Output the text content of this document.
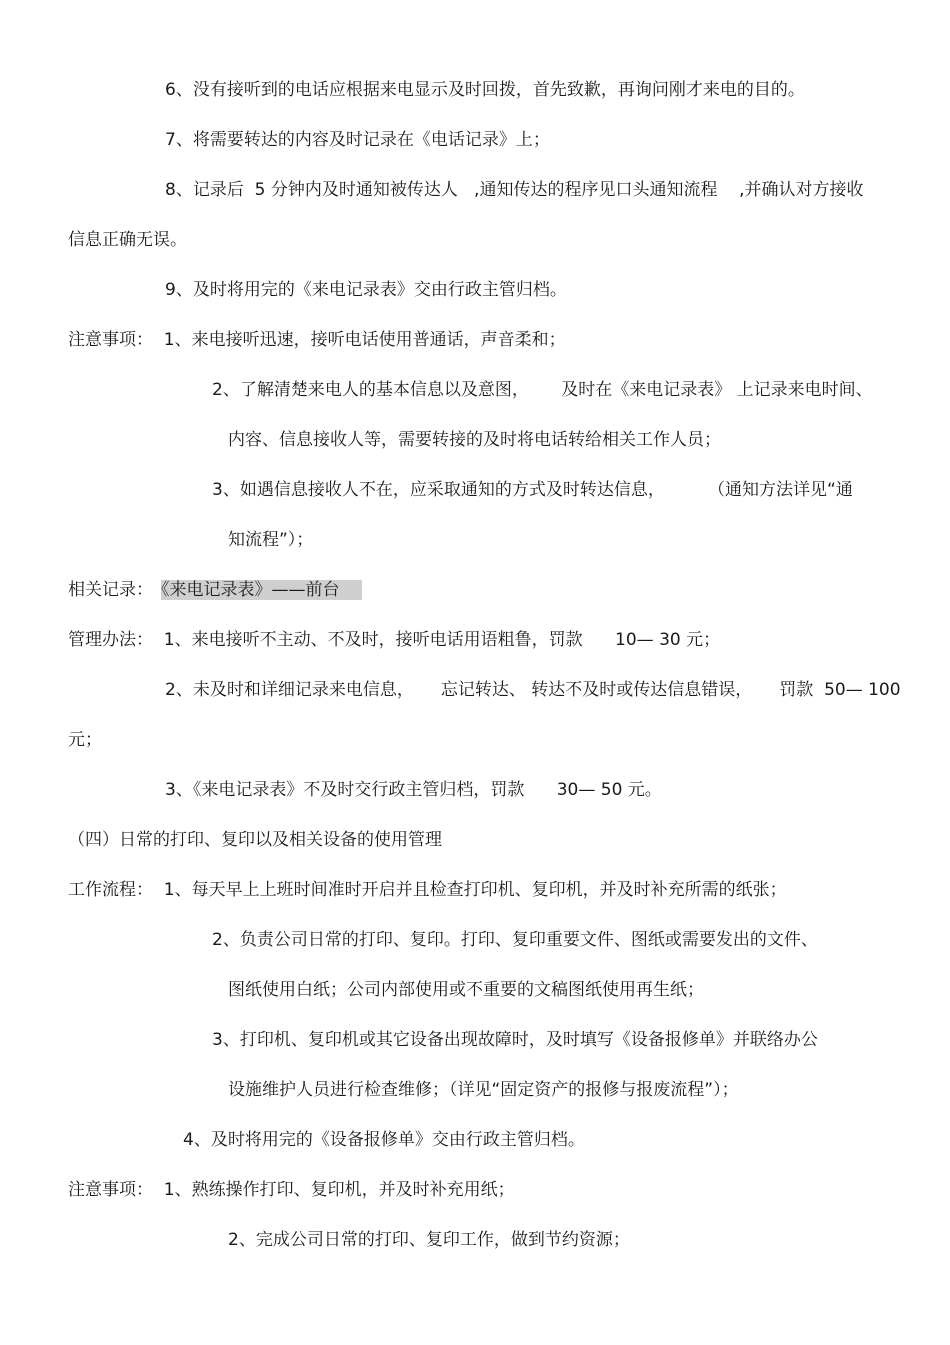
6、没有接听到的电话应根据来电显示及时回拨，首先致歉，再询问刚才来电的目的。
7、将需要转达的内容及时记录在《电话记录》上；
8、记录后  5 分钟内及时通知被传达人   ,通知传达的程序见口头通知流程    ,并确认对方接收
信息正确无误。
9、及时将用完的《来电记录表》交由行政主管归档。
注意事项：  1、来电接听迅速，接听电话使用普通话，声音柔和；
2、了解清楚来电人的基本信息以及意图，      及时在《来电记录表》 上记录来电时间、
内容、信息接收人等，需要转接的及时将电话转给相关工作人员；
3、如遇信息接收人不在，应采取通知的方式及时转达信息，        （通知方法详见“通
知流程”）；
相关记录： 《来电记录表》——前台
管理办法：  1、来电接听不主动、不及时，接听电话用语粗鲁，罚款      10— 30 元；
2、未及时和详细记录来电信息，     忘记转达、 转达不及时或传达信息错误，     罚款  50— 100
元；
3、《来电记录表》不及时交行政主管归档，罚款      30— 50 元。
（四）日常的打印、复印以及相关设备的使用管理
工作流程：  1、每天早上上班时间准时开启并且检查打印机、复印机，并及时补充所需的纸张；
2、负责公司日常的打印、复印。打印、复印重要文件、图纸或需要发出的文件、
图纸使用白纸；公司内部使用或不重要的文稿图纸使用再生纸；
3、打印机、复印机或其它设备出现故障时，及时填写《设备报修单》并联络办公
设施维护人员进行检查维修；（详见“固定资产的报修与报废流程”）；
4、及时将用完的《设备报修单》交由行政主管归档。
注意事项：  1、熟练操作打印、复印机，并及时补充用纸；
2、完成公司日常的打印、复印工作，做到节约资源；
